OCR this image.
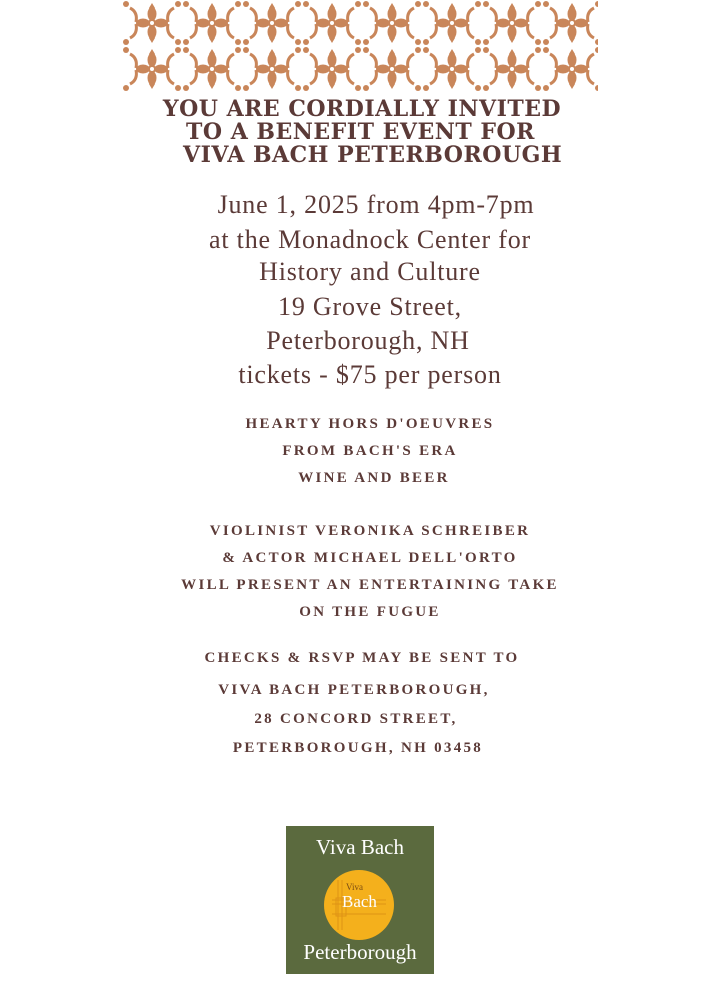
YOU ARE CORDIALLY INVITED
TO A BENEFIT EVENT FOR
VIVA BACH PETERBOROUGH
June 1, 2025 from 4pm-7pm
at the Monadnock Center for
History and Culture
19 Grove Street,
Peterborough, NH
tickets - $75 per person
HEARTY HORS D'OEUVRES
FROM BACH'S ERA
WINE AND BEER
VIOLINIST VERONIKA SCHREIBER
& ACTOR MICHAEL DELL'ORTO
WILL PRESENT AN ENTERTAINING TAKE
ON THE FUGUE
CHECKS & RSVP MAY BE SENT TO
VIVA BACH PETERBOROUGH,
28 CONCORD STREET,
PETERBOROUGH, NH 03458
Viva Bach
Viva
Bach
Peterborough
